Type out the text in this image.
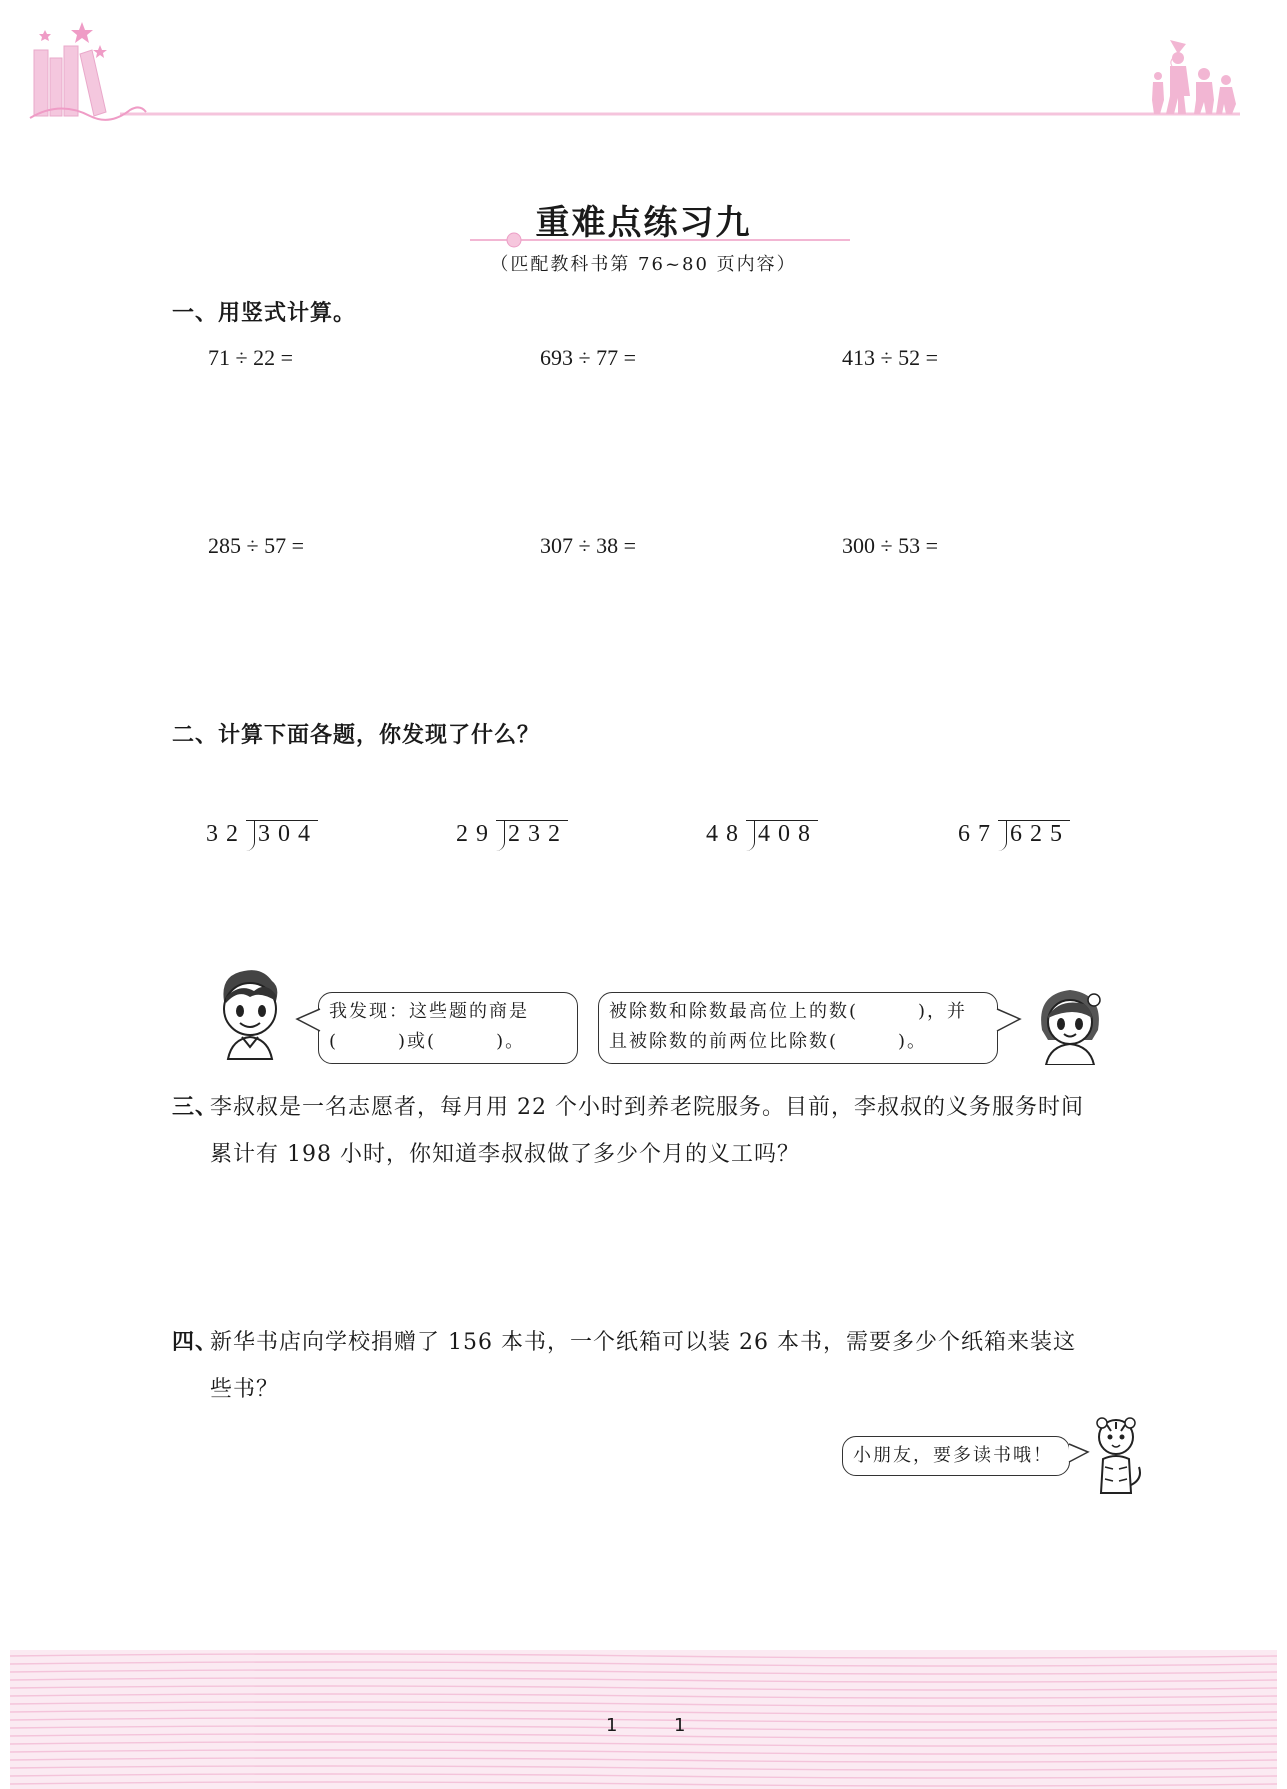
重难点练习九
（匹配教科书第 76~80 页内容）
一、用竖式计算。
71 ÷ 22 =	693 ÷ 77 =	413 ÷ 52 =
285 ÷ 57 =	307 ÷ 38 =	300 ÷ 53 =
二、计算下面各题，你发现了什么？
32 304	29 232	48 408	67 625
我发现：这些题的商是
(　　　)或(　　　)。
被除数和除数最高位上的数(　　　)，并
且被除数的前两位比除数(　　　)。
三、
李叔叔是一名志愿者，每月用 22 个小时到养老院服务。目前，李叔叔的义务服务时间
累计有 198 小时，你知道李叔叔做了多少个月的义工吗？
四、
新华书店向学校捐赠了 156 本书，一个纸箱可以装 26 本书，需要多少个纸箱来装这
些书？
小朋友，要多读书哦！
1	1
